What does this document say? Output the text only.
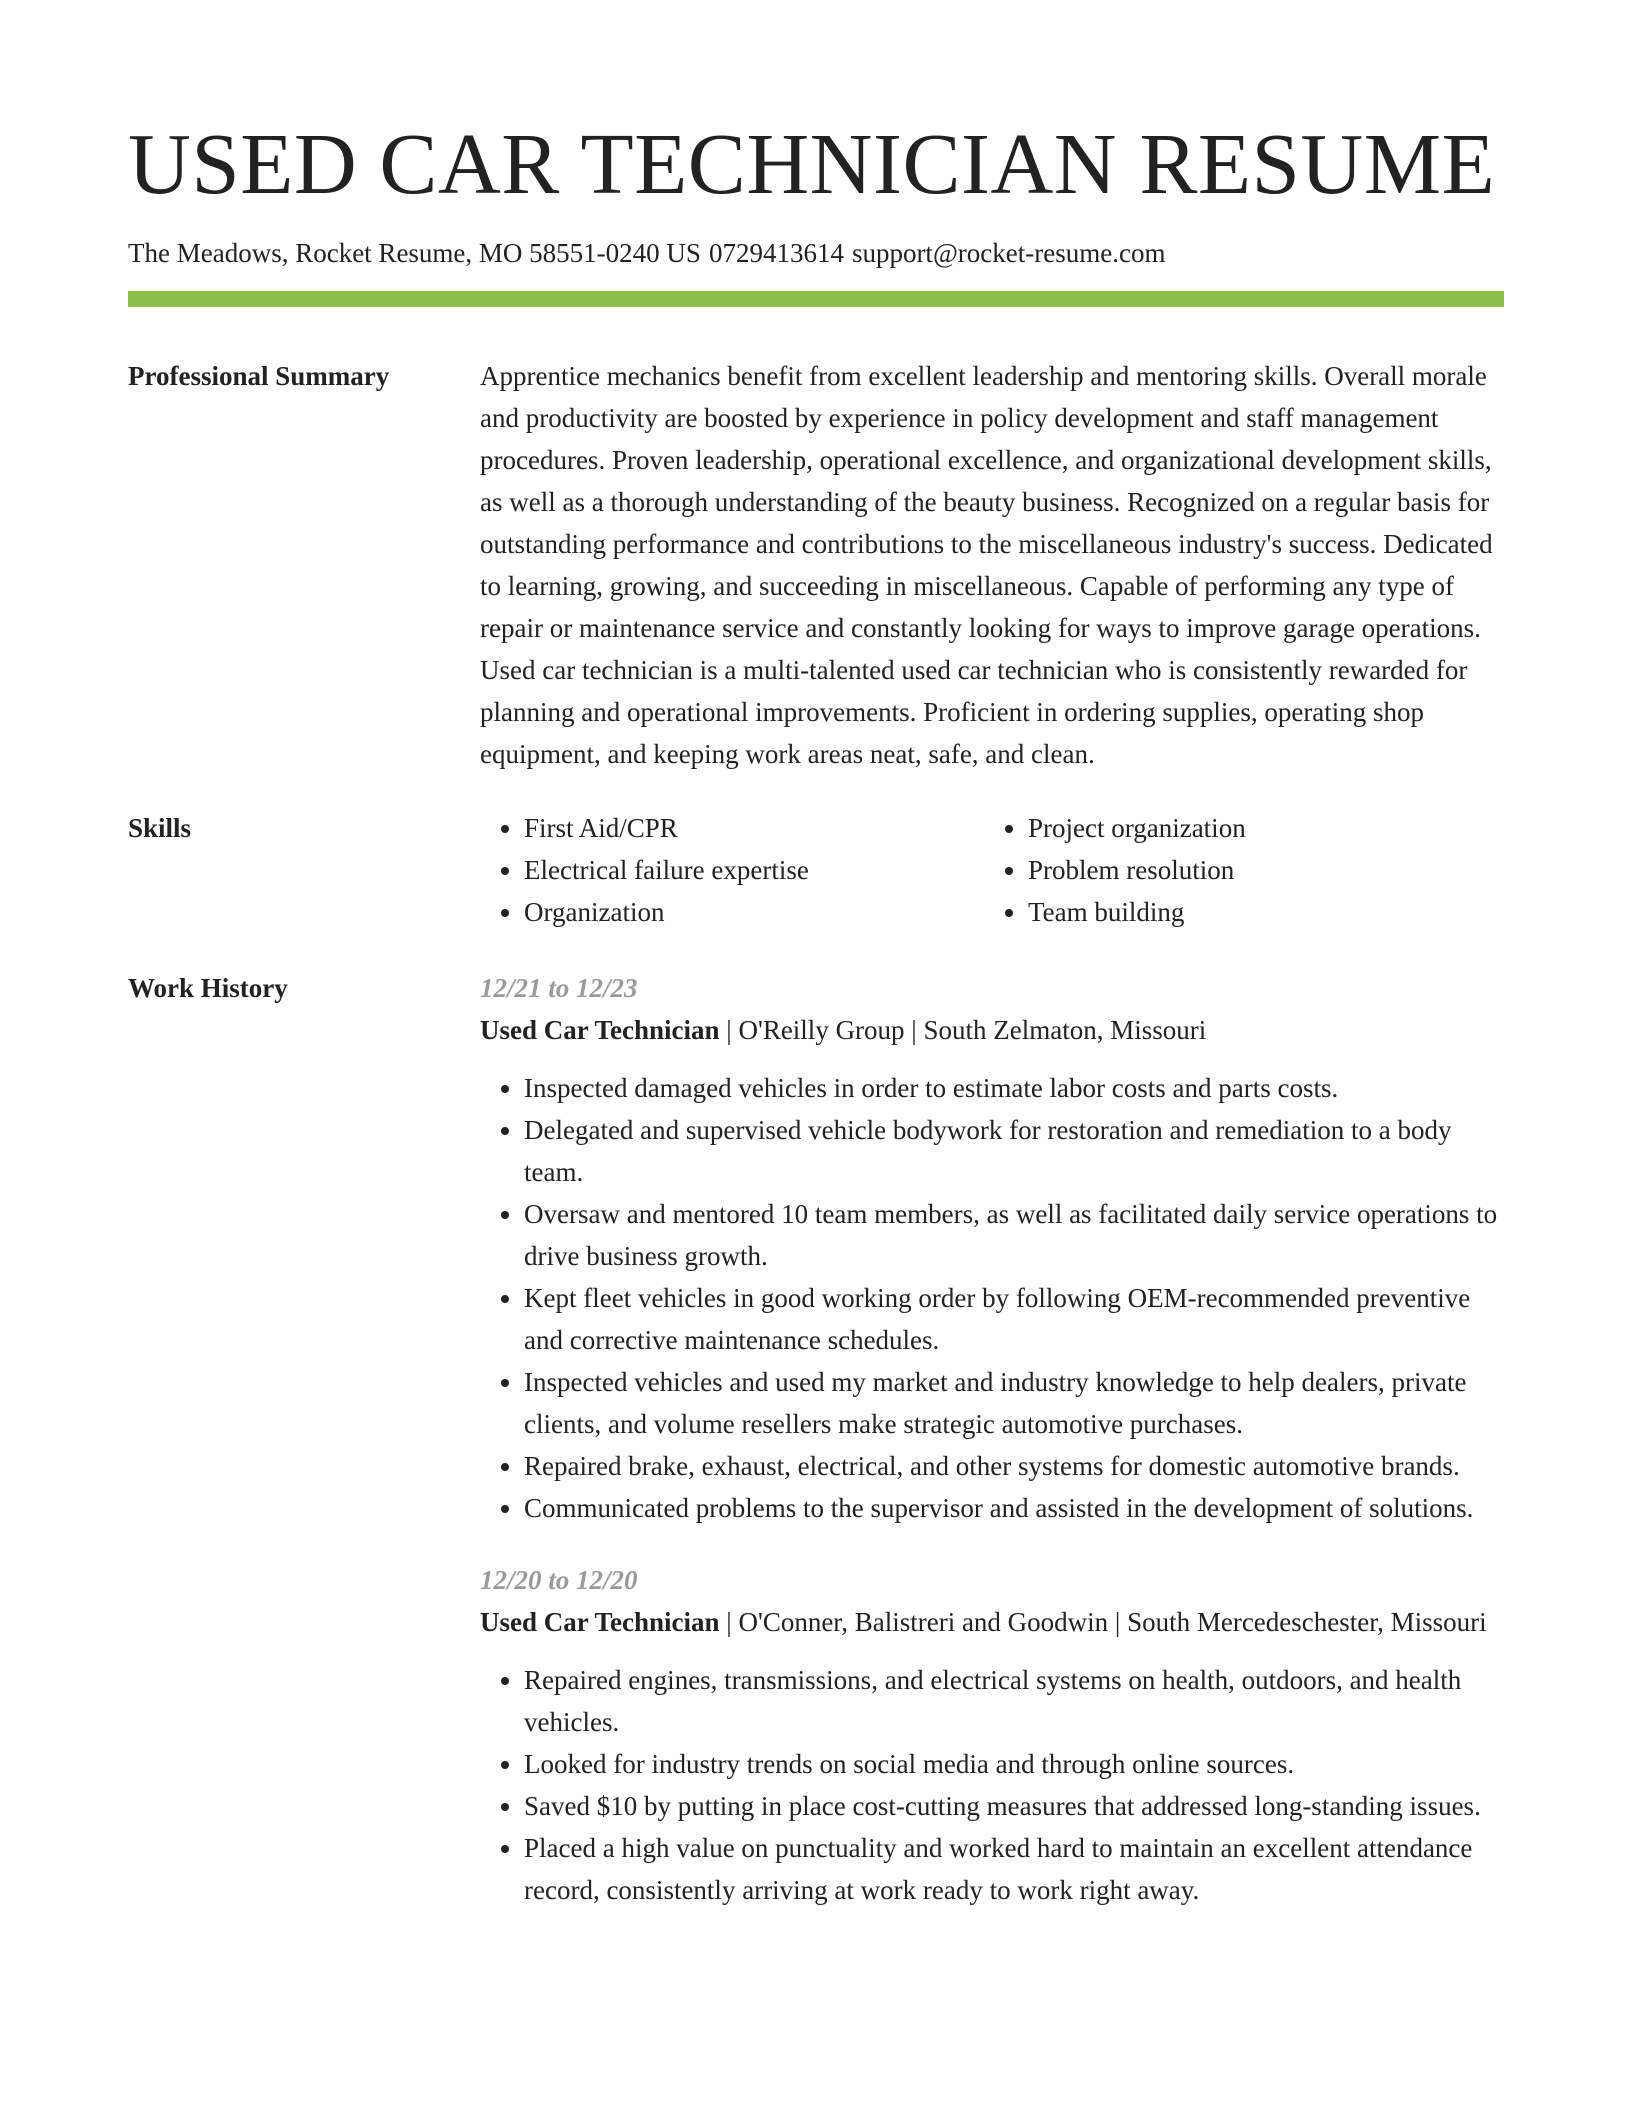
USED CAR TECHNICIAN RESUME
The Meadows, Rocket Resume, MO 58551-0240 US 0729413614 support@rocket-resume.com
Professional Summary	Apprentice mechanics benefit from excellent leadership and mentoring skills. Overall morale and productivity are boosted by experience in policy development and staff management procedures. Proven leadership, operational excellence, and organizational development skills, as well as a thorough understanding of the beauty business. Recognized on a regular basis for outstanding performance and contributions to the miscellaneous industry's success. Dedicated to learning, growing, and succeeding in miscellaneous. Capable of performing any type of repair or maintenance service and constantly looking for ways to improve garage operations. Used car technician is a multi-talented used car technician who is consistently rewarded for planning and operational improvements. Proficient in ordering supplies, operating shop equipment, and keeping work areas neat, safe, and clean.

Skills
•	First Aid/CPR
• Electrical failure expertise
• Organization
• Project organization
• Problem resolution
• Team building
Work History	12/21 to 12/23
Used Car Technician | O'Reilly Group | South Zelmaton, Missouri
• Inspected damaged vehicles in order to estimate labor costs and parts costs.
• Delegated and supervised vehicle bodywork for restoration and remediation to a body team.
• Oversaw and mentored 10 team members, as well as facilitated daily service operations to drive business growth.
• Kept fleet vehicles in good working order by following OEM-recommended preventive and corrective maintenance schedules.
• Inspected vehicles and used my market and industry knowledge to help dealers, private clients, and volume resellers make strategic automotive purchases.
• Repaired brake, exhaust, electrical, and other systems for domestic automotive brands.
• Communicated problems to the supervisor and assisted in the development of solutions.
12/20 to 12/20
Used Car Technician | O'Conner, Balistreri and Goodwin | South Mercedeschester, Missouri
• Repaired engines, transmissions, and electrical systems on health, outdoors, and health vehicles.
• Looked for industry trends on social media and through online sources.
• Saved $10 by putting in place cost-cutting measures that addressed long-standing issues.
• Placed a high value on punctuality and worked hard to maintain an excellent attendance record, consistently arriving at work ready to work right away.
